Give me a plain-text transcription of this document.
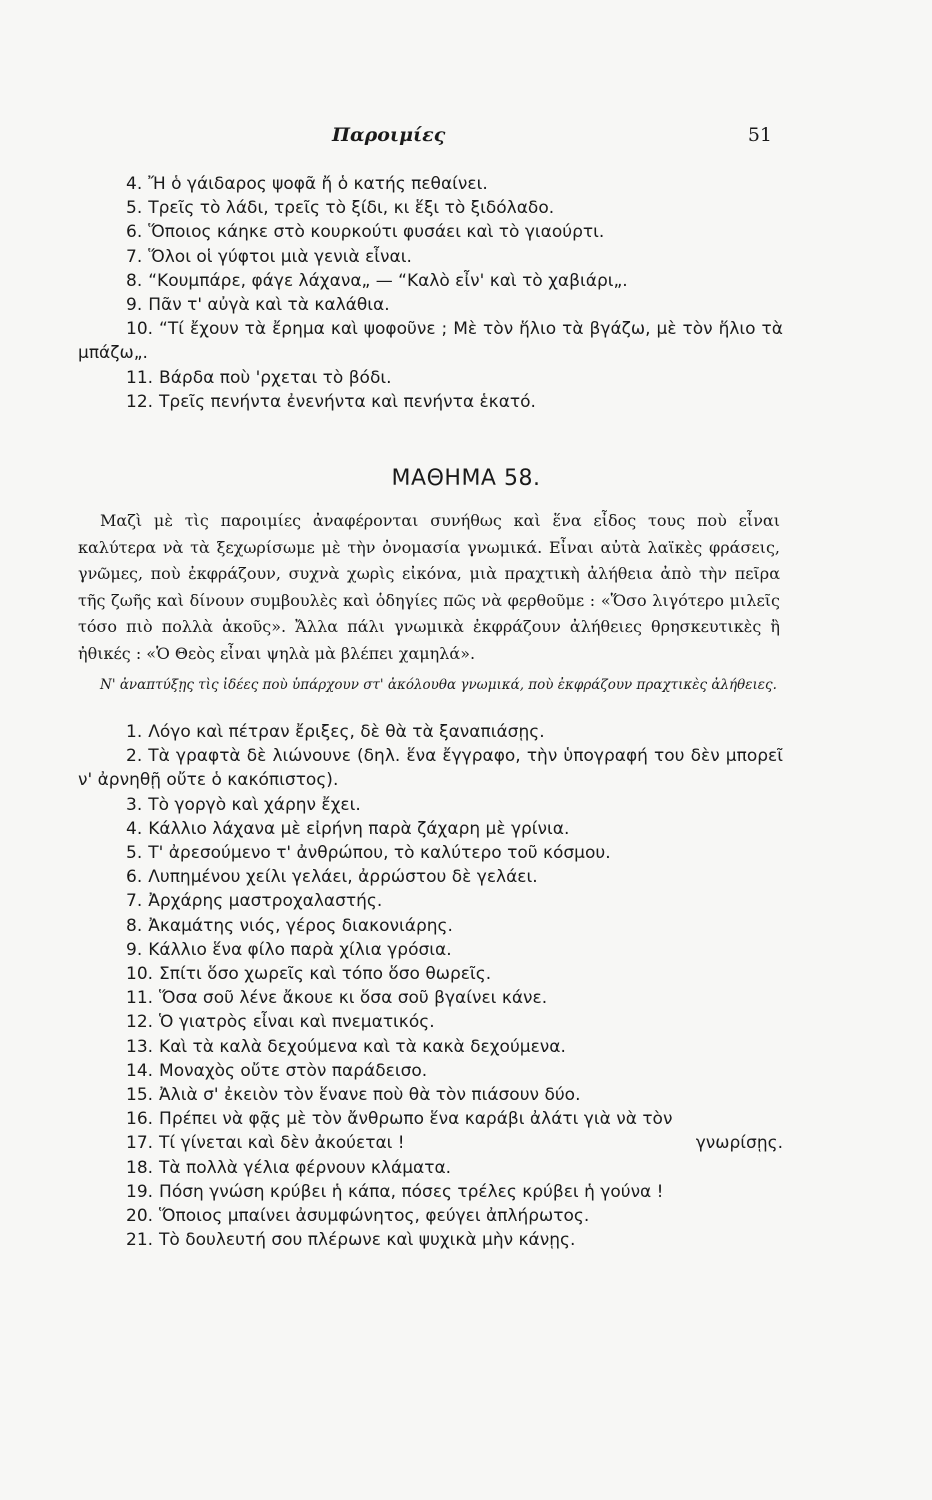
Παροιμίες	51
4. Ἤ ὁ γάιδαρος ψοφᾶ ἤ ὁ κατής πεθαίνει.
5. Τρεῖς τὸ λάδι, τρεῖς τὸ ξίδι, κι ἕξι τὸ ξιδόλαδο.
6. Ὅποιος κάηκε στὸ κουρκούτι φυσάει καὶ τὸ γιαούρτι.
7. Ὅλοι οἱ γύφτοι μιὰ γενιὰ εἶναι.
8. “Κουμπάρε, φάγε λάχανα„ — “Καλὸ εἶν' καὶ τὸ χαβιάρι„.
9. Πᾶν τ' αὐγὰ καὶ τὰ καλάθια.
10. “Τί ἔχουν τὰ ἔρημα καὶ ψοφοῦνε ; Μὲ τὸν ἥλιο τὰ βγάζω, μὲ τὸν ἥλιο τὰ μπάζω„.
11. Βάρδα ποὺ 'ρχεται τὸ βόδι.
12. Τρεῖς πενήντα ἐνενήντα καὶ πενήντα ἑκατό.
ΜΑΘΗΜΑ 58.
Μαζὶ μὲ τὶς παροιμίες ἀναφέρονται συνήθως καὶ ἕνα εἶδος τους ποὺ εἶναι καλύτερα νὰ τὰ ξεχωρίσωμε μὲ τὴν ὀνομασία γνωμικά. Εἶναι αὐτὰ λαϊκὲς φράσεις, γνῶμες, ποὺ ἐκφράζουν, συχνὰ χωρὶς εἰκόνα, μιὰ πραχτικὴ ἀλήθεια ἀπὸ τὴν πεῖρα τῆς ζωῆς καὶ δίνουν συμβουλὲς καὶ ὁδηγίες πῶς νὰ φερθοῦμε : «Ὅσο λιγότερο μιλεῖς τόσο πιὸ πολλὰ ἀκοῦς». Ἄλλα πάλι γνωμικὰ ἐκφράζουν ἀλήθειες θρησκευτικὲς ἢ ἠθικές : «Ὁ Θεὸς εἶναι ψηλὰ μὰ βλέπει χαμηλά».
Ν' ἀναπτύξῃς τὶς ἰδέες ποὺ ὑπάρχουν στ' ἀκόλουθα γνωμικά, ποὺ ἐκφράζουν πραχτικὲς ἀλήθειες.
1. Λόγο καὶ πέτραν ἔριξες, δὲ θὰ τὰ ξαναπιάσῃς.
2. Τὰ γραφτὰ δὲ λιώνουνε (δηλ. ἕνα ἔγγραφο, τὴν ὑπογραφή του δὲν μπορεῖ ν' ἀρνηθῇ οὔτε ὁ κακόπιστος).
3. Τὸ γοργὸ καὶ χάρην ἔχει.
4. Κάλλιο λάχανα μὲ εἰρήνη παρὰ ζάχαρη μὲ γρίνια.
5. Τ' ἀρεσούμενο τ' ἀνθρώπου, τὸ καλύτερο τοῦ κόσμου.
6. Λυπημένου χείλι γελάει, ἀρρώστου δὲ γελάει.
7. Ἀρχάρης μαστροχαλαστής.
8. Ἀκαμάτης νιός, γέρος διακονιάρης.
9. Κάλλιο ἕνα φίλο παρὰ χίλια γρόσια.
10. Σπίτι ὅσο χωρεῖς καὶ τόπο ὅσο θωρεῖς.
11. Ὅσα σοῦ λένε ἄκουε κι ὅσα σοῦ βγαίνει κάνε.
12. Ὁ γιατρὸς εἶναι καὶ πνεματικός.
13. Καὶ τὰ καλὰ δεχούμενα καὶ τὰ κακὰ δεχούμενα.
14. Μοναχὸς οὔτε στὸν παράδεισο.
15. Ἀλιὰ σ' ἐκειὸν τὸν ἕνανε ποὺ θὰ τὸν πιάσουν δύο.
16. Πρέπει νὰ φᾷς μὲ τὸν ἄνθρωπο ἕνα καράβι ἀλάτι γιὰ νὰ τὸν
17. Τί γίνεται καὶ δὲν ἀκούεται !	γνωρίσῃς.
18. Τὰ πολλὰ γέλια φέρνουν κλάματα.
19. Πόση γνώση κρύβει ἡ κάπα, πόσες τρέλες κρύβει ἡ γούνα !
20. Ὅποιος μπαίνει ἀσυμφώνητος, φεύγει ἀπλήρωτος.
21. Τὸ δουλευτή σου πλέρωνε καὶ ψυχικὰ μὴν κάνῃς.
